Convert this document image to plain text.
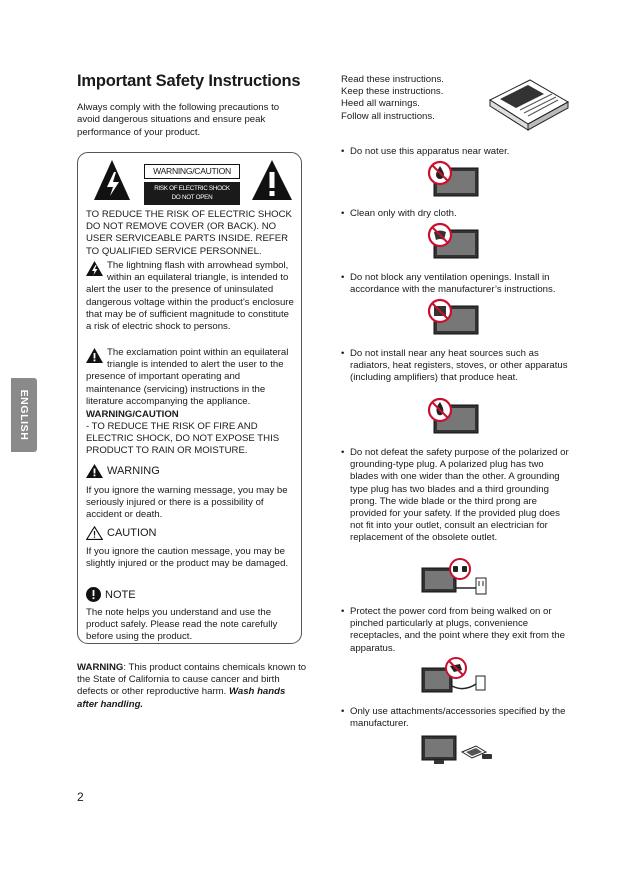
Important Safety Instructions
Always comply with the following precautions to avoid dangerous situations and ensure peak performance of your product.
ENGLISH
WARNING/CAUTION
RISK OF ELECTRIC SHOCK
DO NOT OPEN
TO REDUCE THE RISK OF ELECTRIC SHOCK DO NOT REMOVE COVER (OR BACK). NO USER SERVICEABLE PARTS INSIDE. REFER TO QUALIFIED SERVICE PERSONNEL.
The lightning flash with arrowhead symbol, within an equilateral triangle, is intended to alert the user to the presence of uninsulated dangerous voltage within the product’s enclosure that may be of sufficient magnitude to constitute a risk of electric shock to persons.
The exclamation point within an equilateral triangle is intended to alert the user to the presence of important operating and maintenance (servicing) instructions in the literature accompanying the appliance.
WARNING/CAUTION
- TO REDUCE THE RISK OF FIRE AND ELECTRIC SHOCK, DO NOT EXPOSE THIS PRODUCT TO RAIN OR MOISTURE.
WARNING
If you ignore the warning message, you may be seriously injured or there is a possibility of accident or death.
CAUTION
If you ignore the caution message, you may be slightly injured or the product may be damaged.
NOTE
The note helps you understand and use the product safely. Please read the note carefully before using the product.
WARNING: This product contains chemicals known to the State of California to cause cancer and birth defects or other reproductive harm. Wash hands after handling.
Read these instructions.
Keep these instructions.
Heed all warnings.
Follow all instructions.
• Do not use this apparatus near water.
• Clean only with dry cloth.
• Do not block any ventilation openings. Install in accordance with the manufacturer’s instructions.
• Do not install near any heat sources such as radiators, heat registers, stoves, or other apparatus (including amplifiers) that produce heat.
• Do not defeat the safety purpose of the polarized or grounding-type plug. A polarized plug has two blades with one wider than the other. A grounding type plug has two blades and a third grounding prong. The wide blade or the third prong are provided for your safety. If the provided plug does not fit into your outlet, consult an electrician for replacement of the obsolete outlet.
• Protect the power cord from being walked on or pinched particularly at plugs, convenience receptacles, and the point where they exit from the apparatus.
• Only use attachments/accessories specified by the manufacturer.
2
